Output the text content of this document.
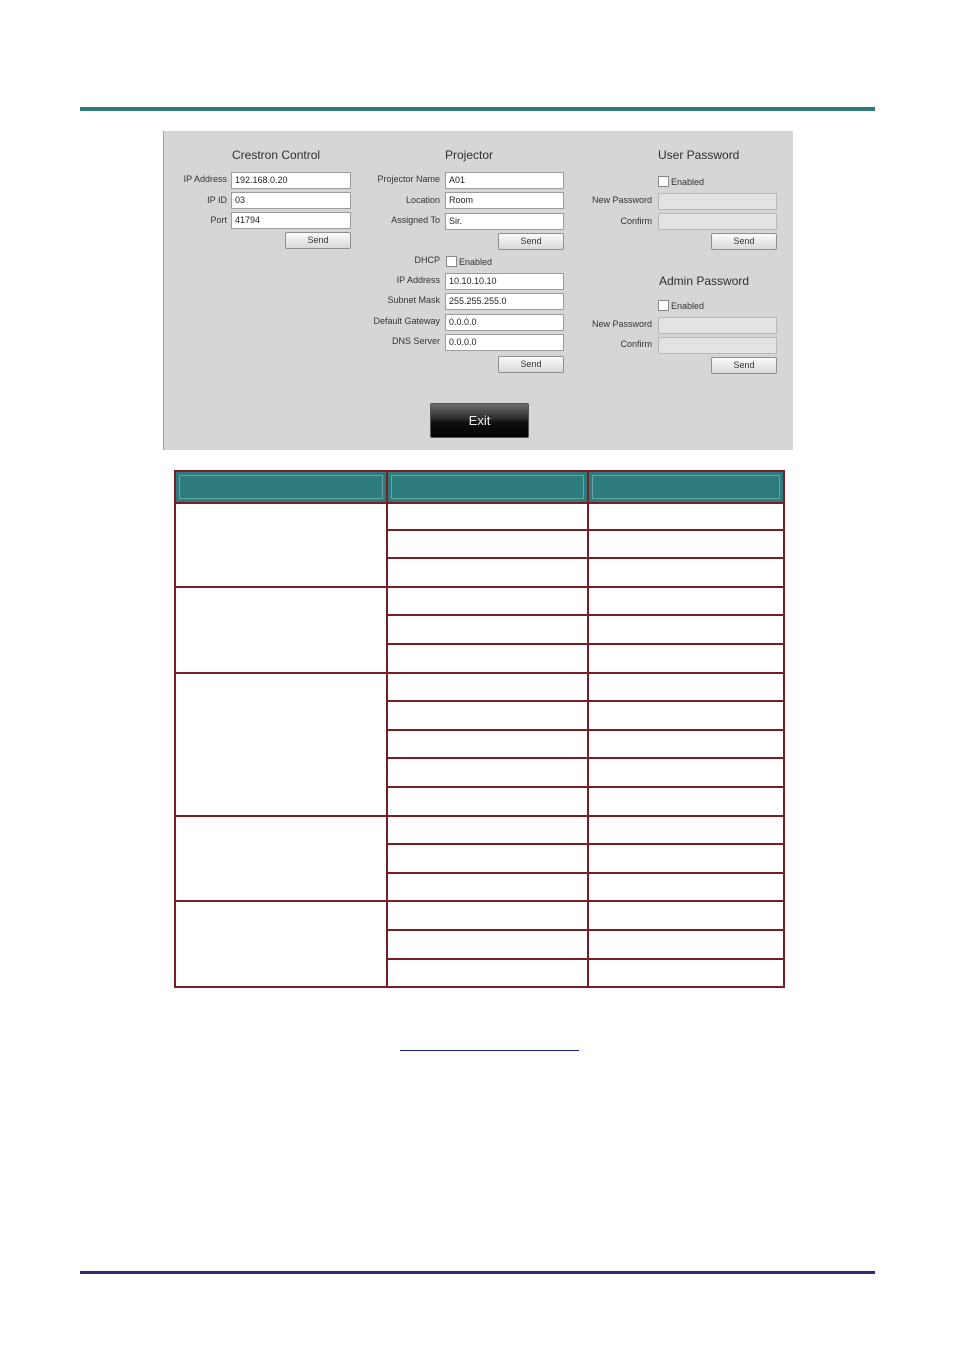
Crestron Control
IP Address
192.168.0.20
IP ID
03
Port
41794
Send
Projector
Projector Name
A01
Location
Room
Assigned To
Sir.
Send
DHCP Enabled
IP Address
10.10.10.10
Subnet Mask
255.255.255.0
Default Gateway
0.0.0.0
DNS Server
0.0.0.0
Send
User Password
Enabled
New Password
Confirm
Send
Admin Password
Enabled
New Password
Confirm
Send
Exit
